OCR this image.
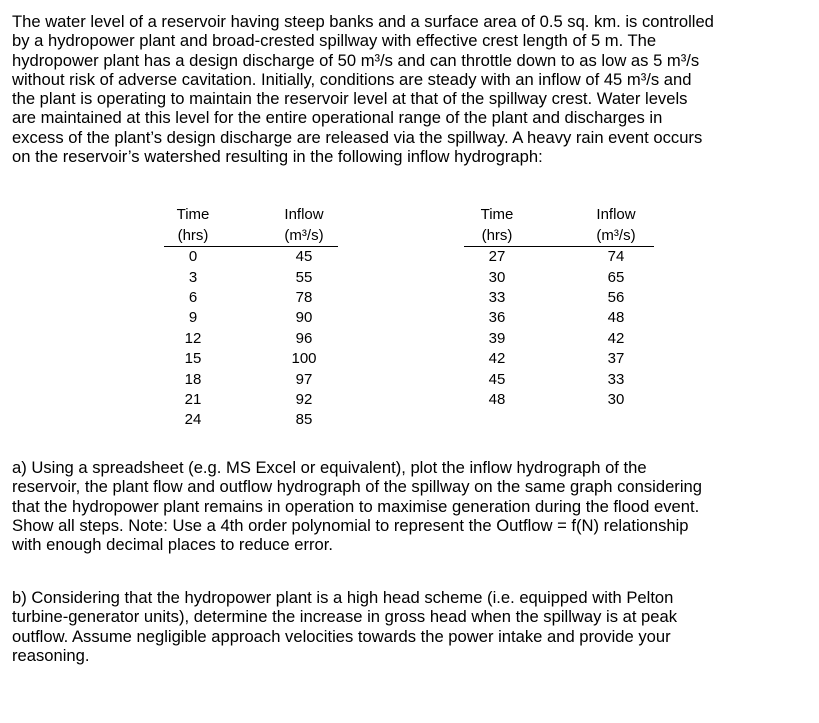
The water level of a reservoir having steep banks and a surface area of 0.5 sq. km. is controlled
by a hydropower plant and broad-crested spillway with effective crest length of 5 m. The
hydropower plant has a design discharge of 50 m³/s and can throttle down to as low as 5 m³/s
without risk of adverse cavitation. Initially, conditions are steady with an inflow of 45 m³/s and
the plant is operating to maintain the reservoir level at that of the spillway crest. Water levels
are maintained at this level for the entire operational range of the plant and discharges in
excess of the plant’s design discharge are released via the spillway. A heavy rain event occurs
on the reservoir’s watershed resulting in the following inflow hydrograph:

Time		Inflow
(hrs)		(m³/s)
0		45
3		55
6		78
9		90
12		96
15		100
18		97
21		92
24		85
Time		Inflow
(hrs)		(m³/s)
27		74
30		65
33		56
36		48
39		42
42		37
45		33
48		30

a) Using a spreadsheet (e.g. MS Excel or equivalent), plot the inflow hydrograph of the
reservoir, the plant flow and outflow hydrograph of the spillway on the same graph considering
that the hydropower plant remains in operation to maximise generation during the flood event.
Show all steps. Note: Use a 4th order polynomial to represent the Outflow = f(N) relationship
with enough decimal places to reduce error.

b) Considering that the hydropower plant is a high head scheme (i.e. equipped with Pelton
turbine-generator units), determine the increase in gross head when the spillway is at peak
outflow. Assume negligible approach velocities towards the power intake and provide your
reasoning.
